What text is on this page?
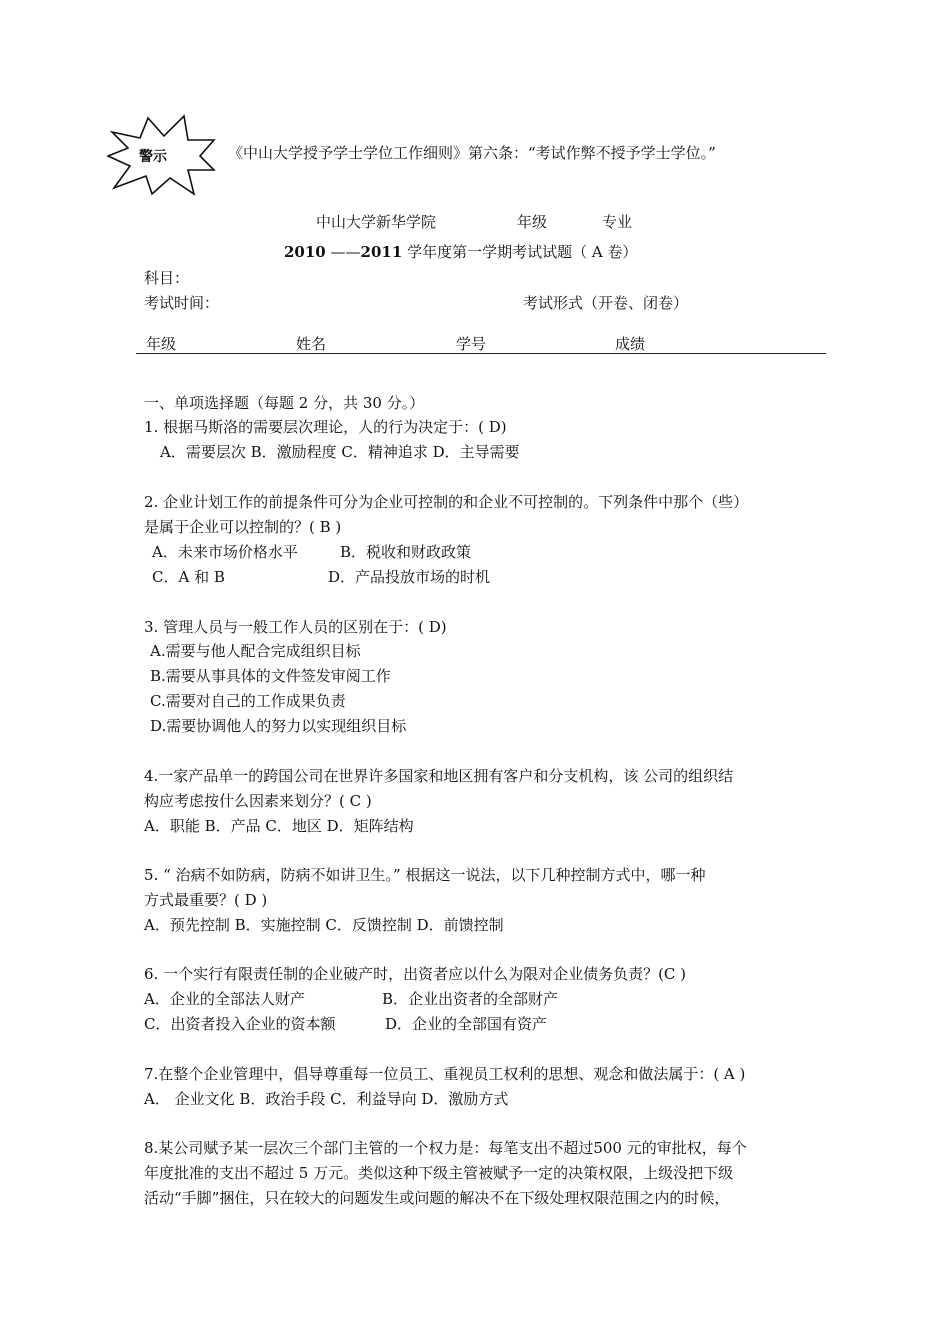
警示	《中山大学授予学士学位工作细则》第六条：“考试作弊不授予学士学位。”
中山大学新华学院	年级	专业
2010 ——2011 学年度第一学期考试试题（ A 卷）
科目：
考试时间：	考试形式（开卷、闭卷）
年级	姓名	学号	成绩
一、单项选择题（每题 2 分，共 30 分。）
1. 根据马斯洛的需要层次理论，人的行为决定于：( D)
A．需要层次 B．激励程度 C．精神追求 D．主导需要
2. 企业计划工作的前提条件可分为企业可控制的和企业不可控制的。下列条件中那个（些）
是属于企业可以控制的？( B )
A．未来市场价格水平	B．税收和财政政策
C．A 和 B	D．产品投放市场的时机
3. 管理人员与一般工作人员的区别在于：( D)
A.需要与他人配合完成组织目标
B.需要从事具体的文件签发审阅工作
C.需要对自己的工作成果负责
D.需要协调他人的努力以实现组织目标
4.一家产品单一的跨国公司在世界许多国家和地区拥有客户和分支机构，该 公司的组织结
构应考虑按什么因素来划分？( C )
A．职能 B．产品 C．地区 D．矩阵结构
5. “ 治病不如防病，防病不如讲卫生。” 根据这一说法，以下几种控制方式中，哪一种
方式最重要？( D )
A．预先控制 B．实施控制 C．反馈控制 D．前馈控制
6. 一个实行有限责任制的企业破产时，出资者应以什么为限对企业债务负责？(C )
A．企业的全部法人财产	B．企业出资者的全部财产
C．出资者投入企业的资本额	D．企业的全部国有资产
7.在整个企业管理中，倡导尊重每一位员工、重视员工权利的思想、观念和做法属于：( A )
A． 企业文化 B．政治手段 C．利益导向 D．激励方式
8.某公司赋予某一层次三个部门主管的一个权力是：每笔支出不超过500 元的审批权，每个
年度批准的支出不超过 5 万元。类似这种下级主管被赋予一定的决策权限，上级没把下级
活动“手脚”捆住，只在较大的问题发生或问题的解决不在下级处理权限范围之内的时候，
